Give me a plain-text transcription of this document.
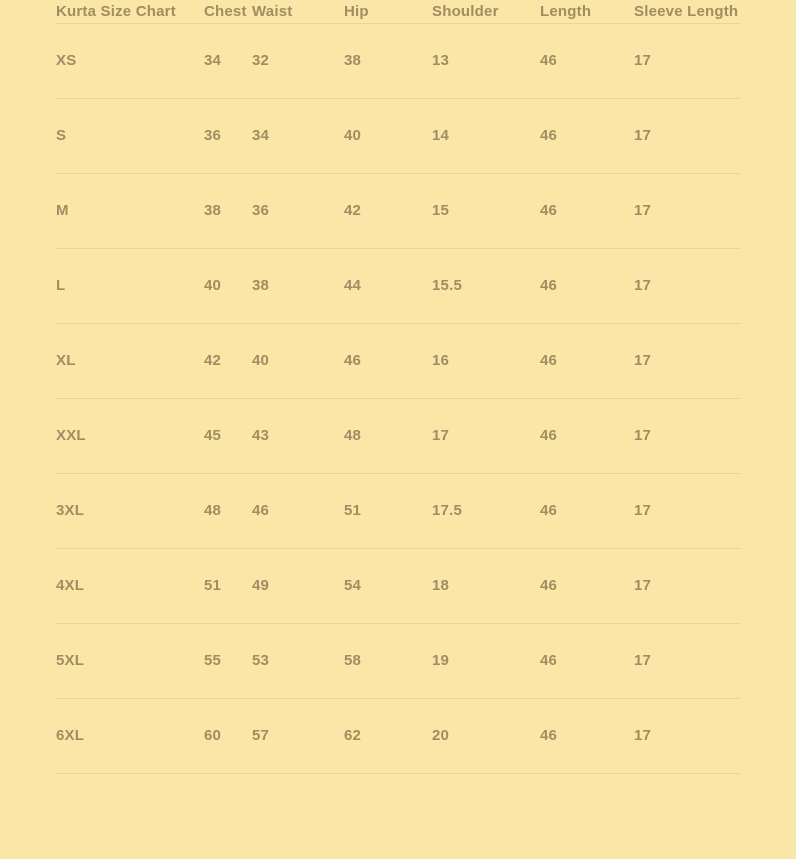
Kurta Size Chart	Chest	Waist	Hip	Shoulder	Length	Sleeve Length
XS	34	32	38	13	46	17
S	36	34	40	14	46	17
M	38	36	42	15	46	17
L	40	38	44	15.5	46	17
XL	42	40	46	16	46	17
XXL	45	43	48	17	46	17
3XL	48	46	51	17.5	46	17
4XL	51	49	54	18	46	17
5XL	55	53	58	19	46	17
6XL	60	57	62	20	46	17
